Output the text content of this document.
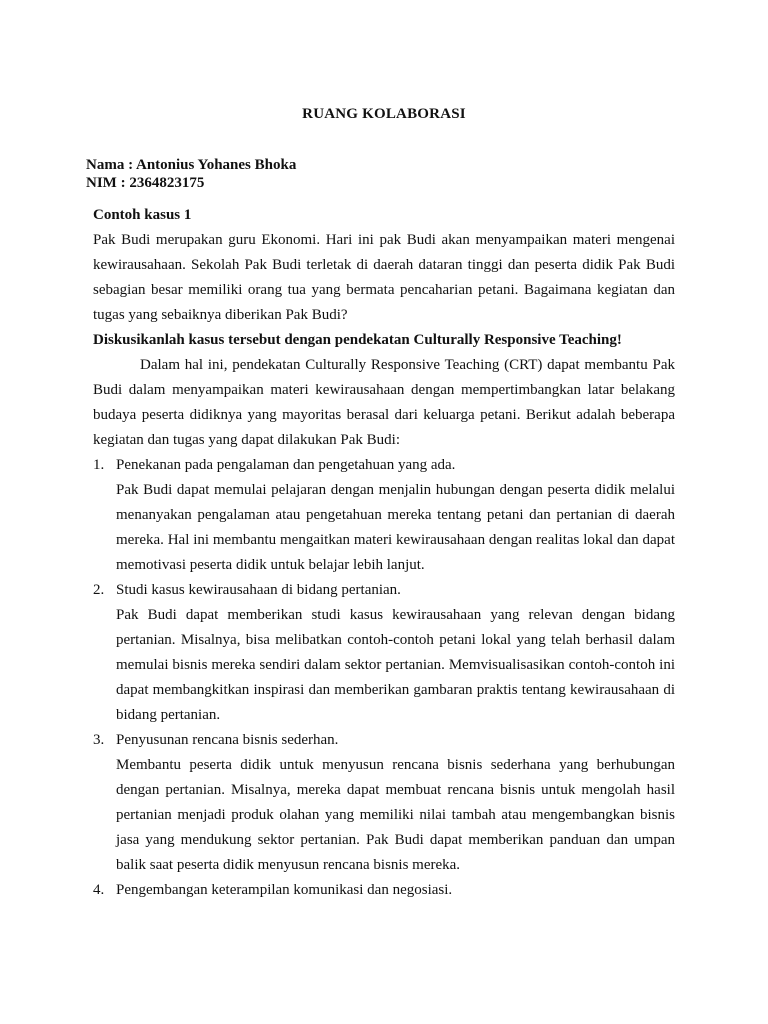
RUANG KOLABORASI
Nama : Antonius Yohanes Bhoka
NIM : 2364823175

Contoh kasus 1

Pak Budi merupakan guru Ekonomi. Hari ini pak Budi akan menyampaikan materi mengenai kewirausahaan. Sekolah Pak Budi terletak di daerah dataran tinggi dan peserta didik Pak Budi sebagian besar memiliki orang tua yang bermata pencaharian petani. Bagaimana kegiatan dan tugas yang sebaiknya diberikan Pak Budi?

Diskusikanlah kasus tersebut dengan pendekatan Culturally Responsive Teaching!

Dalam hal ini, pendekatan Culturally Responsive Teaching (CRT) dapat membantu Pak Budi dalam menyampaikan materi kewirausahaan dengan mempertimbangkan latar belakang budaya peserta didiknya yang mayoritas berasal dari keluarga petani. Berikut adalah beberapa kegiatan dan tugas yang dapat dilakukan Pak Budi:

1. Penekanan pada pengalaman dan pengetahuan yang ada.
Pak Budi dapat memulai pelajaran dengan menjalin hubungan dengan peserta didik melalui menanyakan pengalaman atau pengetahuan mereka tentang petani dan pertanian di daerah mereka. Hal ini membantu mengaitkan materi kewirausahaan dengan realitas lokal dan dapat memotivasi peserta didik untuk belajar lebih lanjut.
2. Studi kasus kewirausahaan di bidang pertanian.
Pak Budi dapat memberikan studi kasus kewirausahaan yang relevan dengan bidang pertanian. Misalnya, bisa melibatkan contoh-contoh petani lokal yang telah berhasil dalam memulai bisnis mereka sendiri dalam sektor pertanian. Memvisualisasikan contoh-contoh ini dapat membangkitkan inspirasi dan memberikan gambaran praktis tentang kewirausahaan di bidang pertanian.
3. Penyusunan rencana bisnis sederhan.
Membantu peserta didik untuk menyusun rencana bisnis sederhana yang berhubungan dengan pertanian. Misalnya, mereka dapat membuat rencana bisnis untuk mengolah hasil pertanian menjadi produk olahan yang memiliki nilai tambah atau mengembangkan bisnis jasa yang mendukung sektor pertanian. Pak Budi dapat memberikan panduan dan umpan balik saat peserta didik menyusun rencana bisnis mereka.
4. Pengembangan keterampilan komunikasi dan negosiasi.
